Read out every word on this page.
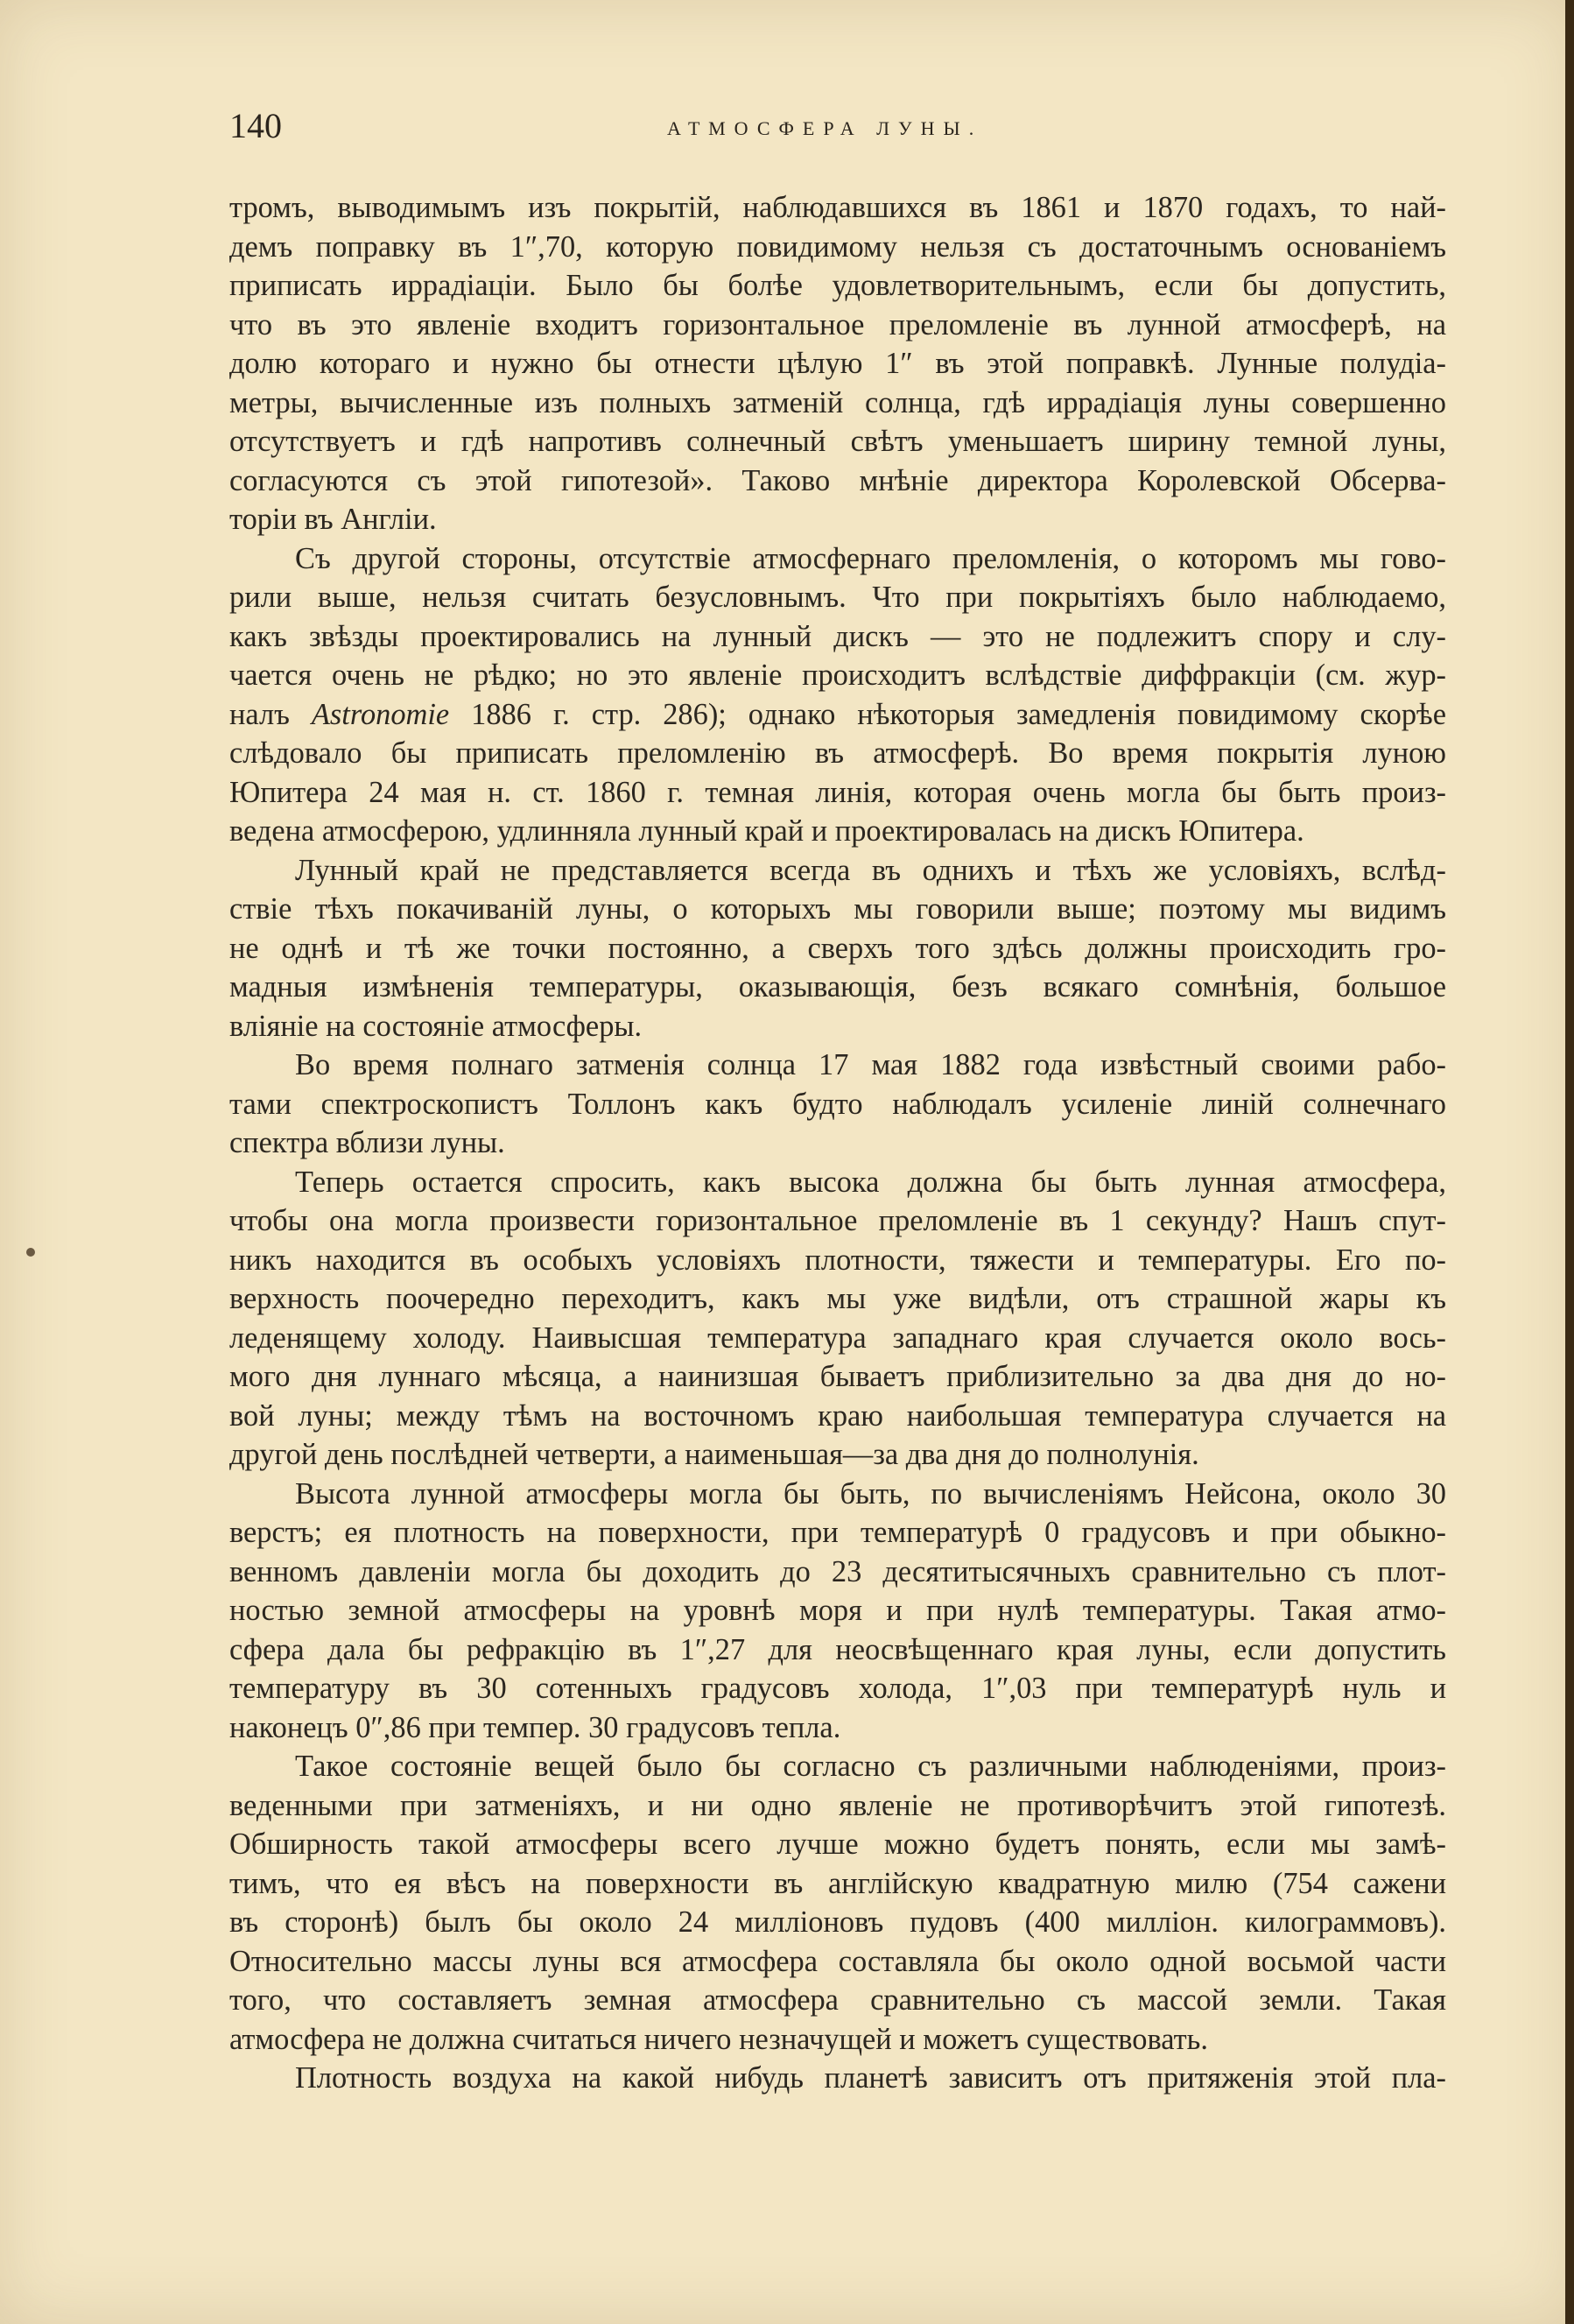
140	АТМОСФЕРА ЛУНЫ.
тромъ, выводимымъ изъ покрытій, наблюдавшихся въ 1861 и 1870 годахъ, то най-
демъ поправку въ 1″,70, которую повидимому нельзя съ достаточнымъ основаніемъ
приписать иррадіаціи. Было бы болѣе удовлетворительнымъ, если бы допустить,
что въ это явленіе входитъ горизонтальное преломленіе въ лунной атмосферѣ, на
долю котораго и нужно бы отнести цѣлую 1″ въ этой поправкѣ. Лунные полудіа-
метры, вычисленные изъ полныхъ затменій солнца, гдѣ иррадіація луны совершенно
отсутствуетъ и гдѣ напротивъ солнечный свѣтъ уменьшаетъ ширину темной луны,
согласуются съ этой гипотезой». Таково мнѣніе директора Королевской Обсерва-
торіи въ Англіи.
Съ другой стороны, отсутствіе атмосфернаго преломленія, о которомъ мы гово-
рили выше, нельзя считать безусловнымъ. Что при покрытіяхъ было наблюдаемо,
какъ звѣзды проектировались на лунный дискъ — это не подлежитъ спору и слу-
чается очень не рѣдко; но это явленіе происходитъ вслѣдствіе диффракціи (см. жур-
налъ Astronomie 1886 г. стр. 286); однако нѣкоторыя замедленія повидимому скорѣе
слѣдовало бы приписать преломленію въ атмосферѣ. Во время покрытія луною
Юпитера 24 мая н. ст. 1860 г. темная линія, которая очень могла бы быть произ-
ведена атмосферою, удлинняла лунный край и проектировалась на дискъ Юпитера.
Лунный край не представляется всегда въ однихъ и тѣхъ же условіяхъ, вслѣд-
ствіе тѣхъ покачиваній луны, о которыхъ мы говорили выше; поэтому мы видимъ
не однѣ и тѣ же точки постоянно, а сверхъ того здѣсь должны происходить гро-
мадныя измѣненія температуры, оказывающія, безъ всякаго сомнѣнія, большое
вліяніе на состояніе атмосферы.
Во время полнаго затменія солнца 17 мая 1882 года извѣстный своими рабо-
тами спектроскопистъ Толлонъ какъ будто наблюдалъ усиленіе линій солнечнаго
спектра вблизи луны.
Теперь остается спросить, какъ высока должна бы быть лунная атмосфера,
чтобы она могла произвести горизонтальное преломленіе въ 1 секунду? Нашъ спут-
никъ находится въ особыхъ условіяхъ плотности, тяжести и температуры. Его по-
верхность поочередно переходитъ, какъ мы уже видѣли, отъ страшной жары къ
леденящему холоду. Наивысшая температура западнаго края случается около вось-
мого дня луннаго мѣсяца, а наинизшая бываетъ приблизительно за два дня до но-
вой луны; между тѣмъ на восточномъ краю наибольшая температура случается на
другой день послѣдней четверти, а наименьшая—за два дня до полнолунія.
Высота лунной атмосферы могла бы быть, по вычисленіямъ Нейсона, около 30
верстъ; ея плотность на поверхности, при температурѣ 0 градусовъ и при обыкно-
венномъ давленіи могла бы доходить до 23 десятитысячныхъ сравнительно съ плот-
ностью земной атмосферы на уровнѣ моря и при нулѣ температуры. Такая атмо-
сфера дала бы рефракцію въ 1″,27 для неосвѣщеннаго края луны, если допустить
температуру въ 30 сотенныхъ градусовъ холода, 1″,03 при температурѣ нуль и
наконецъ 0″,86 при темпер. 30 градусовъ тепла.
Такое состояніе вещей было бы согласно съ различными наблюденіями, произ-
веденными при затменіяхъ, и ни одно явленіе не противорѣчитъ этой гипотезѣ.
Обширность такой атмосферы всего лучше можно будетъ понять, если мы замѣ-
тимъ, что ея вѣсъ на поверхности въ англійскую квадратную милю (754 сажени
въ сторонѣ) былъ бы около 24 милліоновъ пудовъ (400 милліон. килограммовъ).
Относительно массы луны вся атмосфера составляла бы около одной восьмой части
того, что составляетъ земная атмосфера сравнительно съ массой земли. Такая
атмосфера не должна считаться ничего незначущей и можетъ существовать.
Плотность воздуха на какой нибудь планетѣ зависитъ отъ притяженія этой пла-
